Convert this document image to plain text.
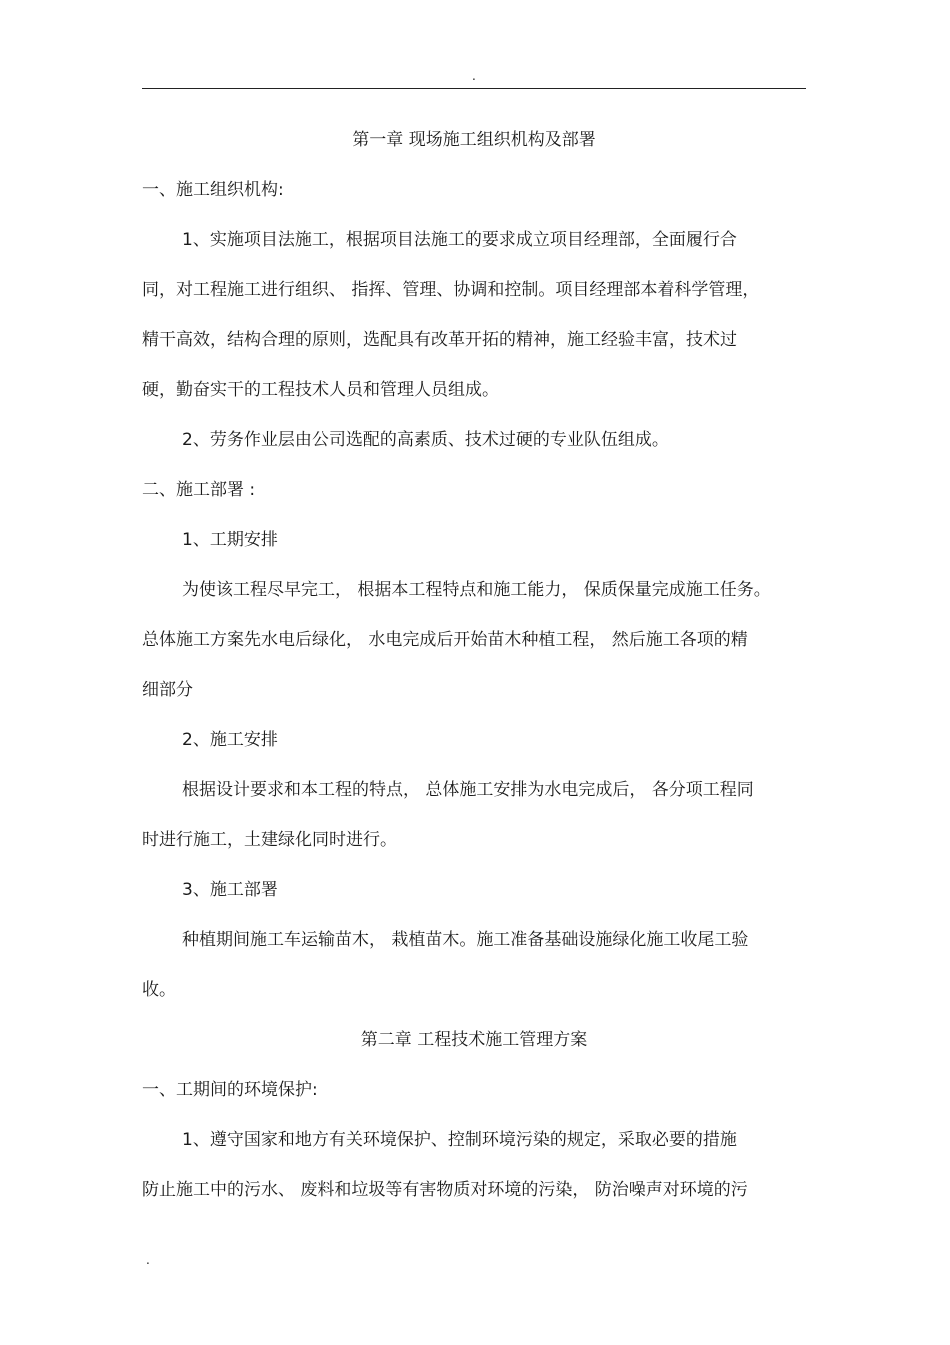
.
第一章 现场施工组织机构及部署
一、施工组织机构:
1、实施项目法施工，根据项目法施工的要求成立项目经理部，全面履行合
同，对工程施工进行组织、 指挥、管理、协调和控制。项目经理部本着科学管理，
精干高效，结构合理的原则，选配具有改革开拓的精神，施工经验丰富，技术过
硬，勤奋实干的工程技术人员和管理人员组成。
2、劳务作业层由公司选配的高素质、技术过硬的专业队伍组成。
二、施工部署 :
1、工期安排
为使该工程尽早完工， 根据本工程特点和施工能力， 保质保量完成施工任务。
总体施工方案先水电后绿化， 水电完成后开始苗木种植工程， 然后施工各项的精
细部分
2、施工安排
根据设计要求和本工程的特点， 总体施工安排为水电完成后， 各分项工程同
时进行施工，土建绿化同时进行。
3、施工部署
种植期间施工车运输苗木， 栽植苗木。施工准备基础设施绿化施工收尾工验
收。
第二章 工程技术施工管理方案
一、工期间的环境保护:
1、遵守国家和地方有关环境保护、控制环境污染的规定，采取必要的措施
防止施工中的污水、 废料和垃圾等有害物质对环境的污染， 防治噪声对环境的污
.
